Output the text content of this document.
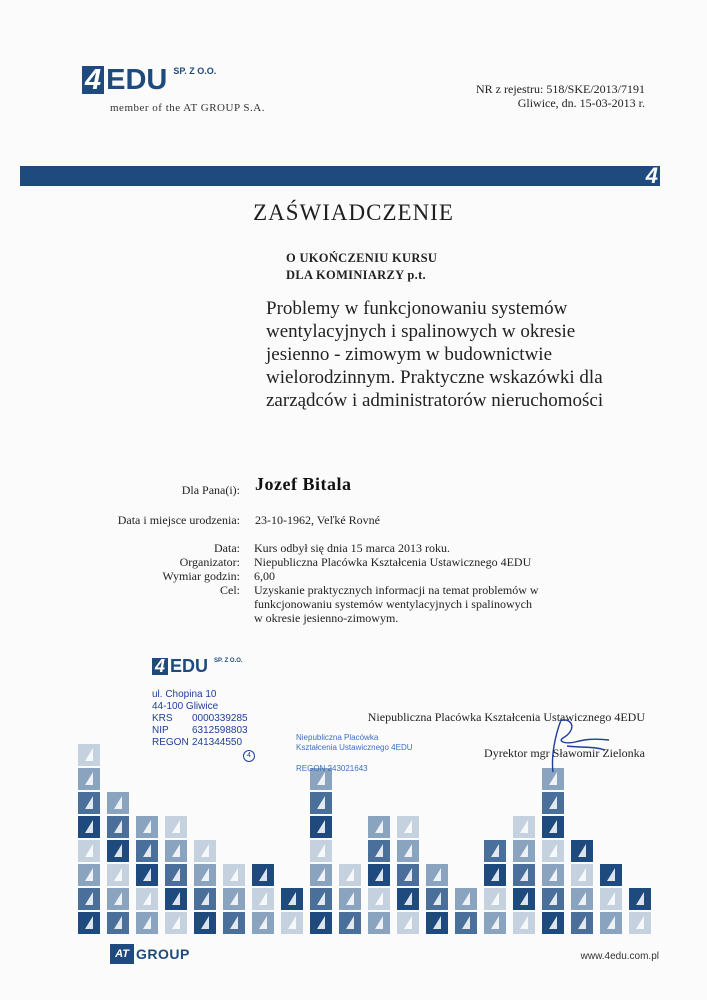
4 EDU SP. Z O.O.
member of the AT GROUP S.A.
NR z rejestru: 518/SKE/2013/7191
Gliwice, dn. 15-03-2013 r.
4
ZAŚWIADCZENIE
O UKOŃCZENIU KURSU
DLA KOMINIARZY p.t.
Problemy w funkcjonowaniu systemów
wentylacyjnych i spalinowych w okresie
jesienno - zimowym w budownictwie
wielorodzinnym. Praktyczne wskazówki dla
zarządców i administratorów nieruchomości
Dla Pana(i): Jozef Bitala
Data i miejsce urodzenia: 23-10-1962, Veľké Rovné
Data:	Kurs odbył się dnia 15 marca 2013 roku.
Organizator:	Niepubliczna Placówka Kształcenia Ustawicznego 4EDU
Wymiar godzin:	6,00
Cel:	Uzyskanie praktycznych informacji na temat problemów w
funkcjonowaniu systemów wentylacyjnych i spalinowych
w okresie jesienno-zimowym.
4 EDU SP. Z O.O.
ul. Chopina 10
44-100 Gliwice
KRS 0000339285
NIP 6312598803
REGON 241344550
4
Niepubliczna Placówka
Kształcenia Ustawicznego 4EDU
REGON 243021643
Niepubliczna Placówka Kształcenia Ustawicznego 4EDU
Dyrektor mgr Sławomir Zielonka
AT GROUP	www.4edu.com.pl
